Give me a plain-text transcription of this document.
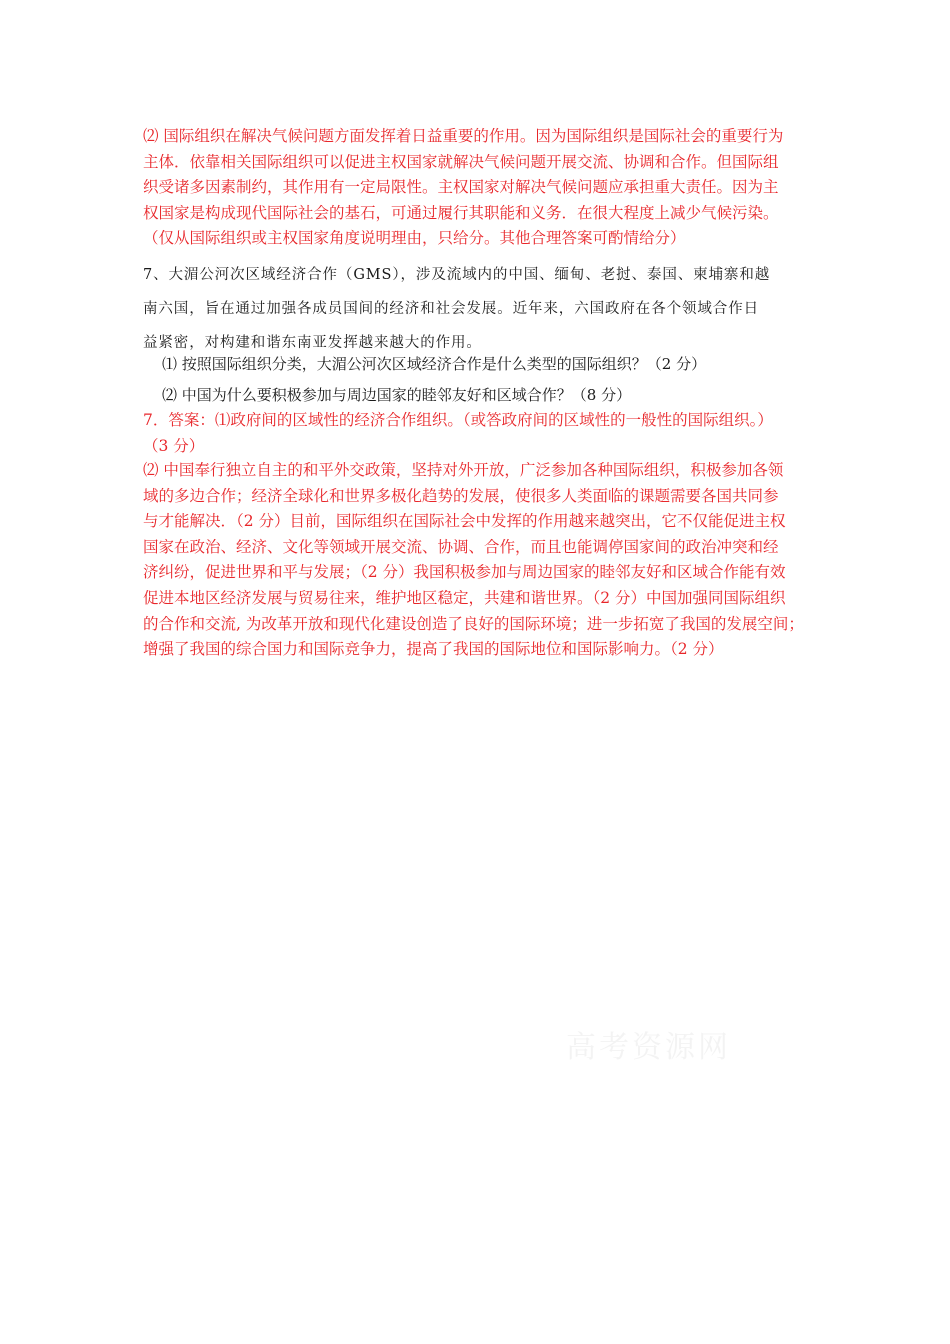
⑵ 国际组织在解决气候问题方面发挥着日益重要的作用。因为国际组织是国际社会的重要行为
主体．依靠相关国际组织可以促进主权国家就解决气候问题开展交流、协调和合作。但国际组
织受诸多因素制约，其作用有一定局限性。主权国家对解决气候问题应承担重大责任。因为主
权国家是构成现代国际社会的基石，可通过履行其职能和义务．在很大程度上减少气候污染。
（仅从国际组织或主权国家角度说明理由，只给分。其他合理答案可酌情给分）
7、大湄公河次区域经济合作（GMS），涉及流域内的中国、缅甸、老挝、泰国、柬埔寨和越
南六国，旨在通过加强各成员国间的经济和社会发展。近年来，六国政府在各个领域合作日
益紧密，对构建和谐东南亚发挥越来越大的作用。
⑴ 按照国际组织分类，大湄公河次区域经济合作是什么类型的国际组织？（2 分）
⑵ 中国为什么要积极参加与周边国家的睦邻友好和区域合作？（8 分）
7．答案：⑴政府间的区域性的经济合作组织。（或答政府间的区域性的一般性的国际组织。）
（3 分）
⑵ 中国奉行独立自主的和平外交政策，坚持对外开放，广泛参加各种国际组织，积极参加各领
域的多边合作；经济全球化和世界多极化趋势的发展，使很多人类面临的课题需要各国共同参
与才能解决．（2 分）目前，国际组织在国际社会中发挥的作用越来越突出，它不仅能促进主权
国家在政治、经济、文化等领域开展交流、协调、合作，而且也能调停国家间的政治冲突和经
济纠纷，促进世界和平与发展；（2 分）我国积极参加与周边国家的睦邻友好和区域合作能有效
促进本地区经济发展与贸易往来，维护地区稳定，共建和谐世界。（2 分）中国加强同国际组织
的合作和交流, 为改革开放和现代化建设创造了良好的国际环境；进一步拓宽了我国的发展空间；
增强了我国的综合国力和国际竞争力，提高了我国的国际地位和国际影响力。（2 分）
高考资源网
